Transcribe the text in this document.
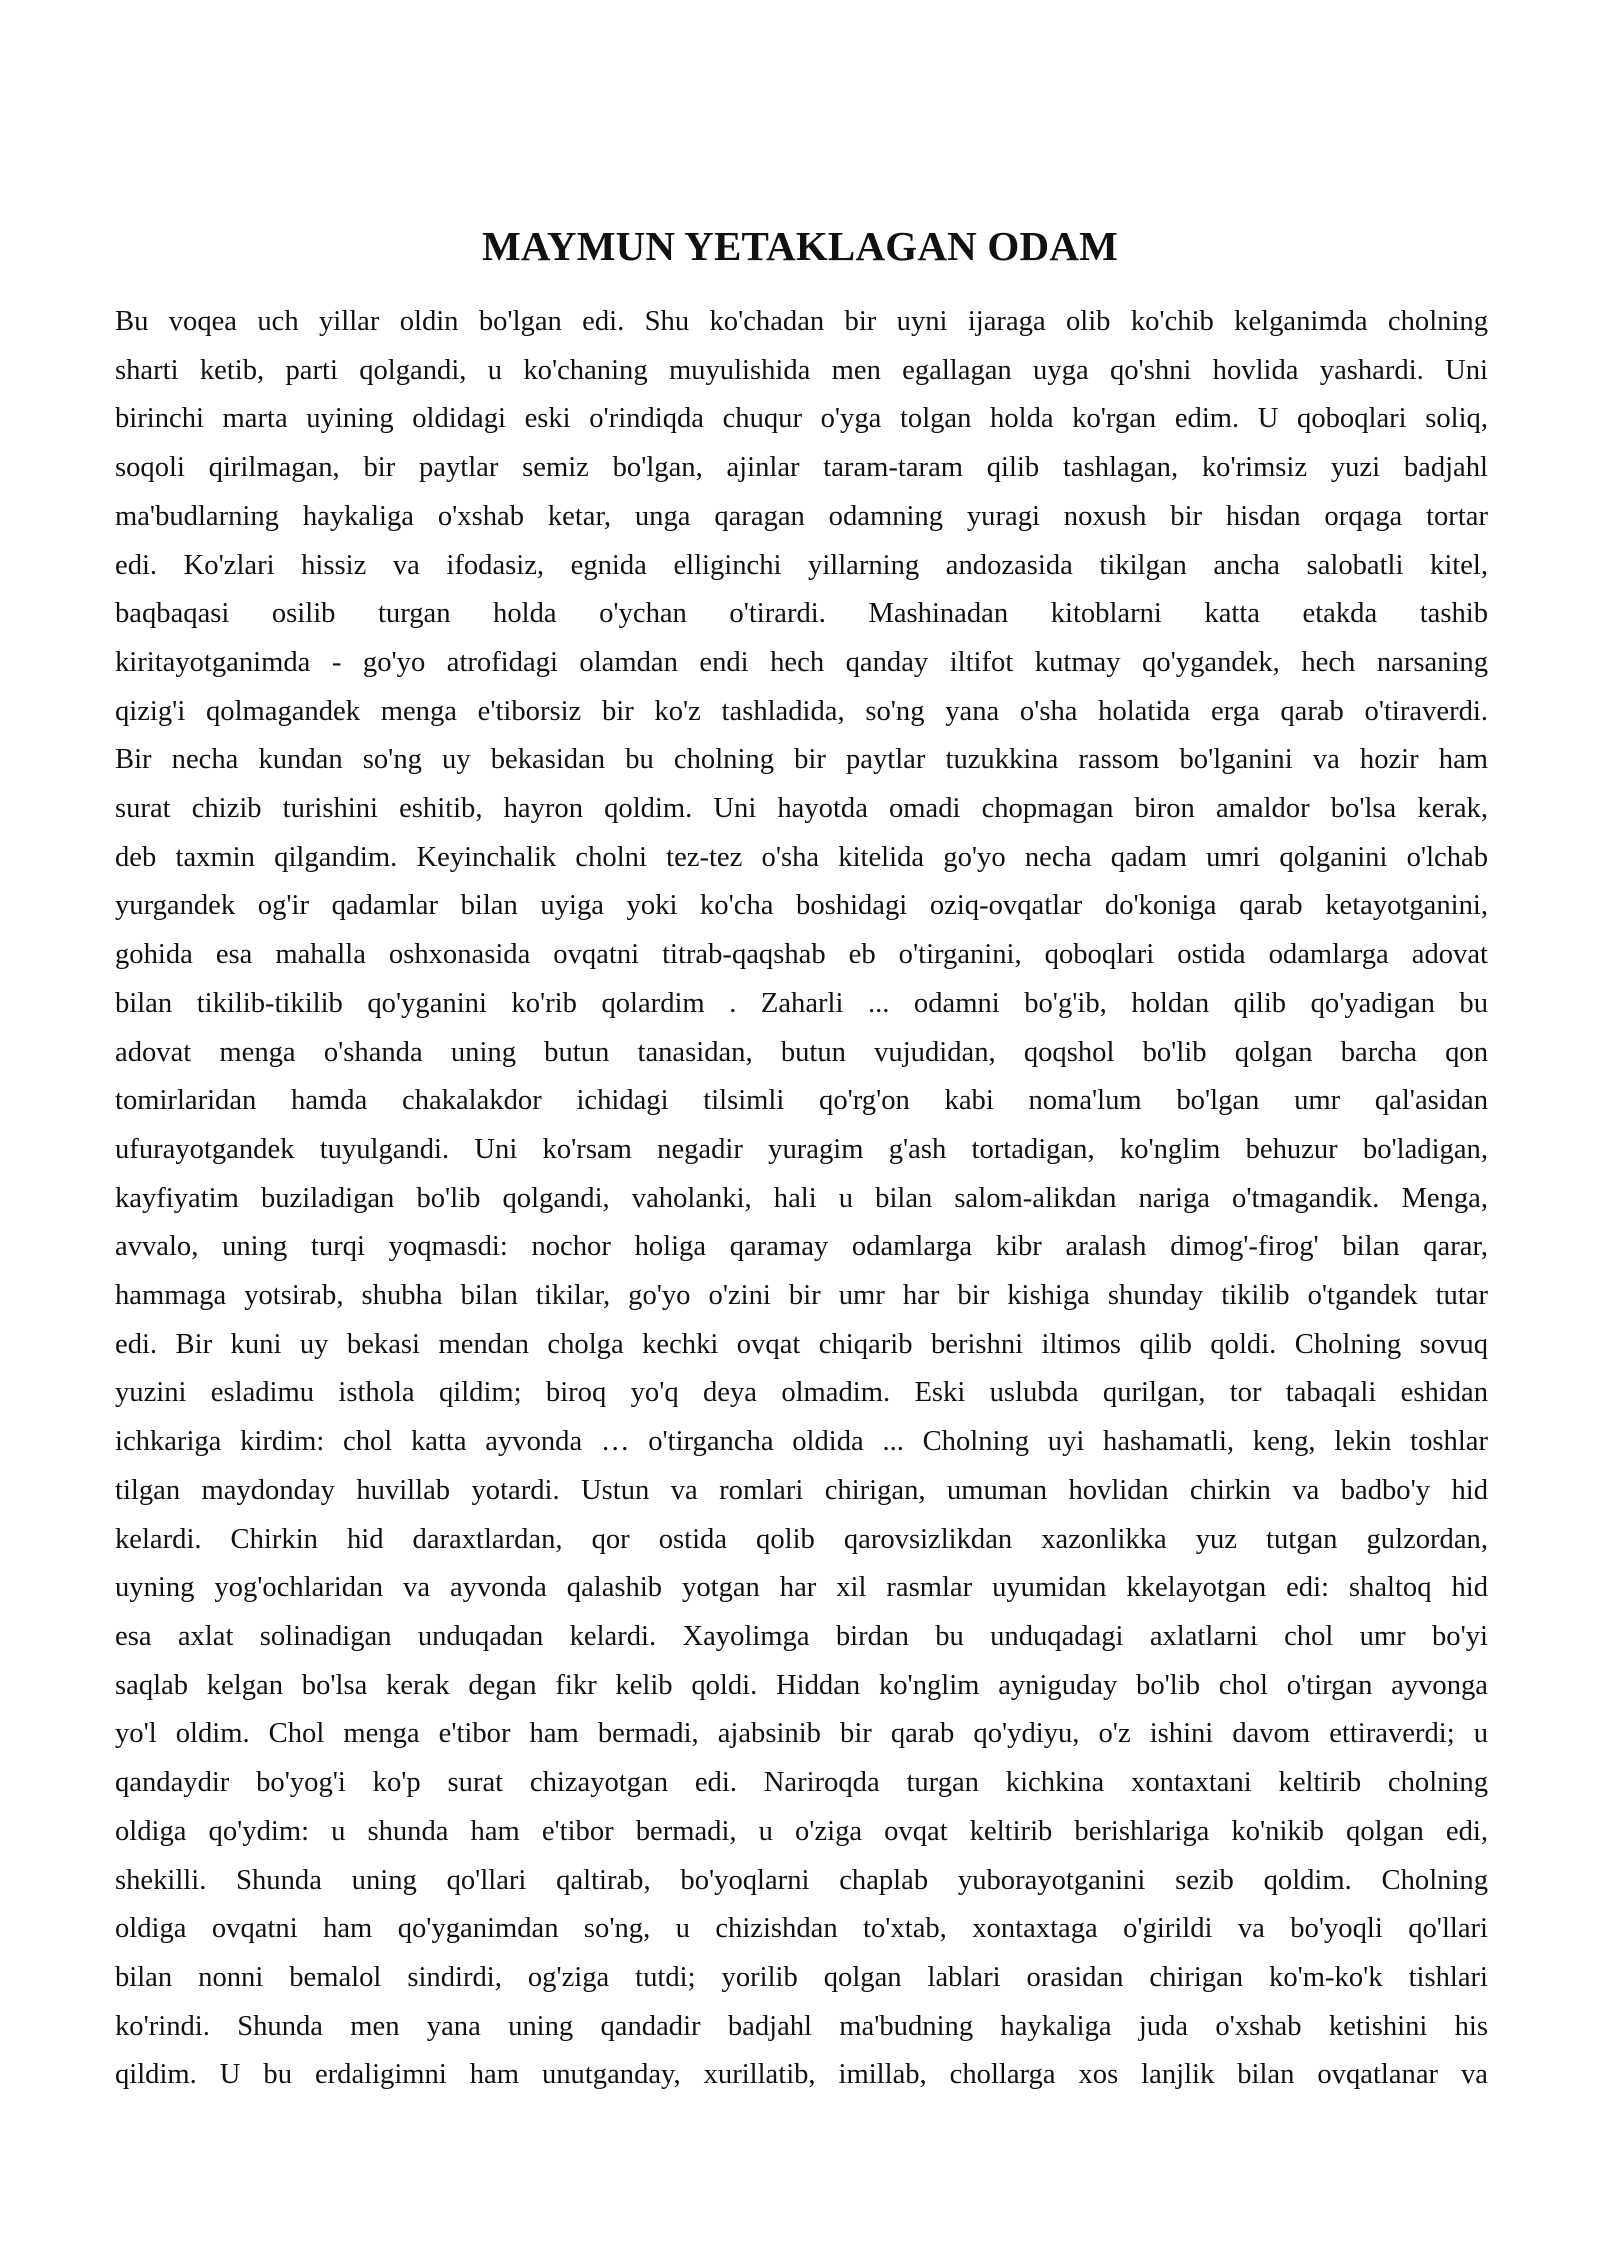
MAYMUN YETAKLAGAN ODAM
Bu voqea uch yillar oldin bo'lgan edi. Shu ko'chadan bir uyni ijaraga olib ko'chib kelganimda cholning
sharti ketib, parti qolgandi, u ko'chaning muyulishida men egallagan uyga qo'shni hovlida yashardi. Uni
birinchi marta uyining oldidagi eski o'rindiqda chuqur o'yga tolgan holda ko'rgan edim. U qoboqlari soliq,
soqoli qirilmagan, bir paytlar semiz bo'lgan, ajinlar taram-taram qilib tashlagan, ko'rimsiz yuzi badjahl
ma'budlarning haykaliga o'xshab ketar, unga qaragan odamning yuragi noxush bir hisdan orqaga tortar
edi. Ko'zlari hissiz va ifodasiz, egnida elliginchi yillarning andozasida tikilgan ancha salobatli kitel,
baqbaqasi osilib turgan holda o'ychan o'tirardi. Mashinadan kitoblarni katta etakda tashib
kiritayotganimda - go'yo atrofidagi olamdan endi hech qanday iltifot kutmay qo'ygandek, hech narsaning
qizig'i qolmagandek menga e'tiborsiz bir ko'z tashladida, so'ng yana o'sha holatida erga qarab o'tiraverdi.
Bir necha kundan so'ng uy bekasidan bu cholning bir paytlar tuzukkina rassom bo'lganini va hozir ham
surat chizib turishini eshitib, hayron qoldim. Uni hayotda omadi chopmagan biron amaldor bo'lsa kerak,
deb taxmin qilgandim. Keyinchalik cholni tez-tez o'sha kitelida go'yo necha qadam umri qolganini o'lchab
yurgandek og'ir qadamlar bilan uyiga yoki ko'cha boshidagi oziq-ovqatlar do'koniga qarab ketayotganini,
gohida esa mahalla oshxonasida ovqatni titrab-qaqshab eb o'tirganini, qoboqlari ostida odamlarga adovat
bilan tikilib-tikilib qo'yganini ko'rib qolardim . Zaharli ... odamni bo'g'ib, holdan qilib qo'yadigan bu
adovat menga o'shanda uning butun tanasidan, butun vujudidan, qoqshol bo'lib qolgan barcha qon
tomirlaridan hamda chakalakdor ichidagi tilsimli qo'rg'on kabi noma'lum bo'lgan umr qal'asidan
ufurayotgandek tuyulgandi. Uni ko'rsam negadir yuragim g'ash tortadigan, ko'nglim behuzur bo'ladigan,
kayfiyatim buziladigan bo'lib qolgandi, vaholanki, hali u bilan salom-alikdan nariga o'tmagandik. Menga,
avvalo, uning turqi yoqmasdi: nochor holiga qaramay odamlarga kibr aralash dimog'-firog' bilan qarar,
hammaga yotsirab, shubha bilan tikilar, go'yo o'zini bir umr har bir kishiga shunday tikilib o'tgandek tutar
edi. Bir kuni uy bekasi mendan cholga kechki ovqat chiqarib berishni iltimos qilib qoldi. Cholning sovuq
yuzini esladimu isthola qildim; biroq yo'q deya olmadim. Eski uslubda qurilgan, tor tabaqali eshidan
ichkariga kirdim: chol katta ayvonda … o'tirgancha oldida ... Cholning uyi hashamatli, keng, lekin toshlar
tilgan maydonday huvillab yotardi. Ustun va romlari chirigan, umuman hovlidan chirkin va badbo'y hid
kelardi. Chirkin hid daraxtlardan, qor ostida qolib qarovsizlikdan xazonlikka yuz tutgan gulzordan,
uyning yog'ochlaridan va ayvonda qalashib yotgan har xil rasmlar uyumidan kkelayotgan edi: shaltoq hid
esa axlat solinadigan unduqadan kelardi. Xayolimga birdan bu unduqadagi axlatlarni chol umr bo'yi
saqlab kelgan bo'lsa kerak degan fikr kelib qoldi. Hiddan ko'nglim ayniguday bo'lib chol o'tirgan ayvonga
yo'l oldim. Chol menga e'tibor ham bermadi, ajabsinib bir qarab qo'ydiyu, o'z ishini davom ettiraverdi; u
qandaydir bo'yog'i ko'p surat chizayotgan edi. Nariroqda turgan kichkina xontaxtani keltirib cholning
oldiga qo'ydim: u shunda ham e'tibor bermadi, u o'ziga ovqat keltirib berishlariga ko'nikib qolgan edi,
shekilli. Shunda uning qo'llari qaltirab, bo'yoqlarni chaplab yuborayotganini sezib qoldim. Cholning
oldiga ovqatni ham qo'yganimdan so'ng, u chizishdan to'xtab, xontaxtaga o'girildi va bo'yoqli qo'llari
bilan nonni bemalol sindirdi, og'ziga tutdi; yorilib qolgan lablari orasidan chirigan ko'm-ko'k tishlari
ko'rindi. Shunda men yana uning qandadir badjahl ma'budning haykaliga juda o'xshab ketishini his
qildim. U bu erdaligimni ham unutganday, xurillatib, imillab, chollarga xos lanjlik bilan ovqatlanar va
